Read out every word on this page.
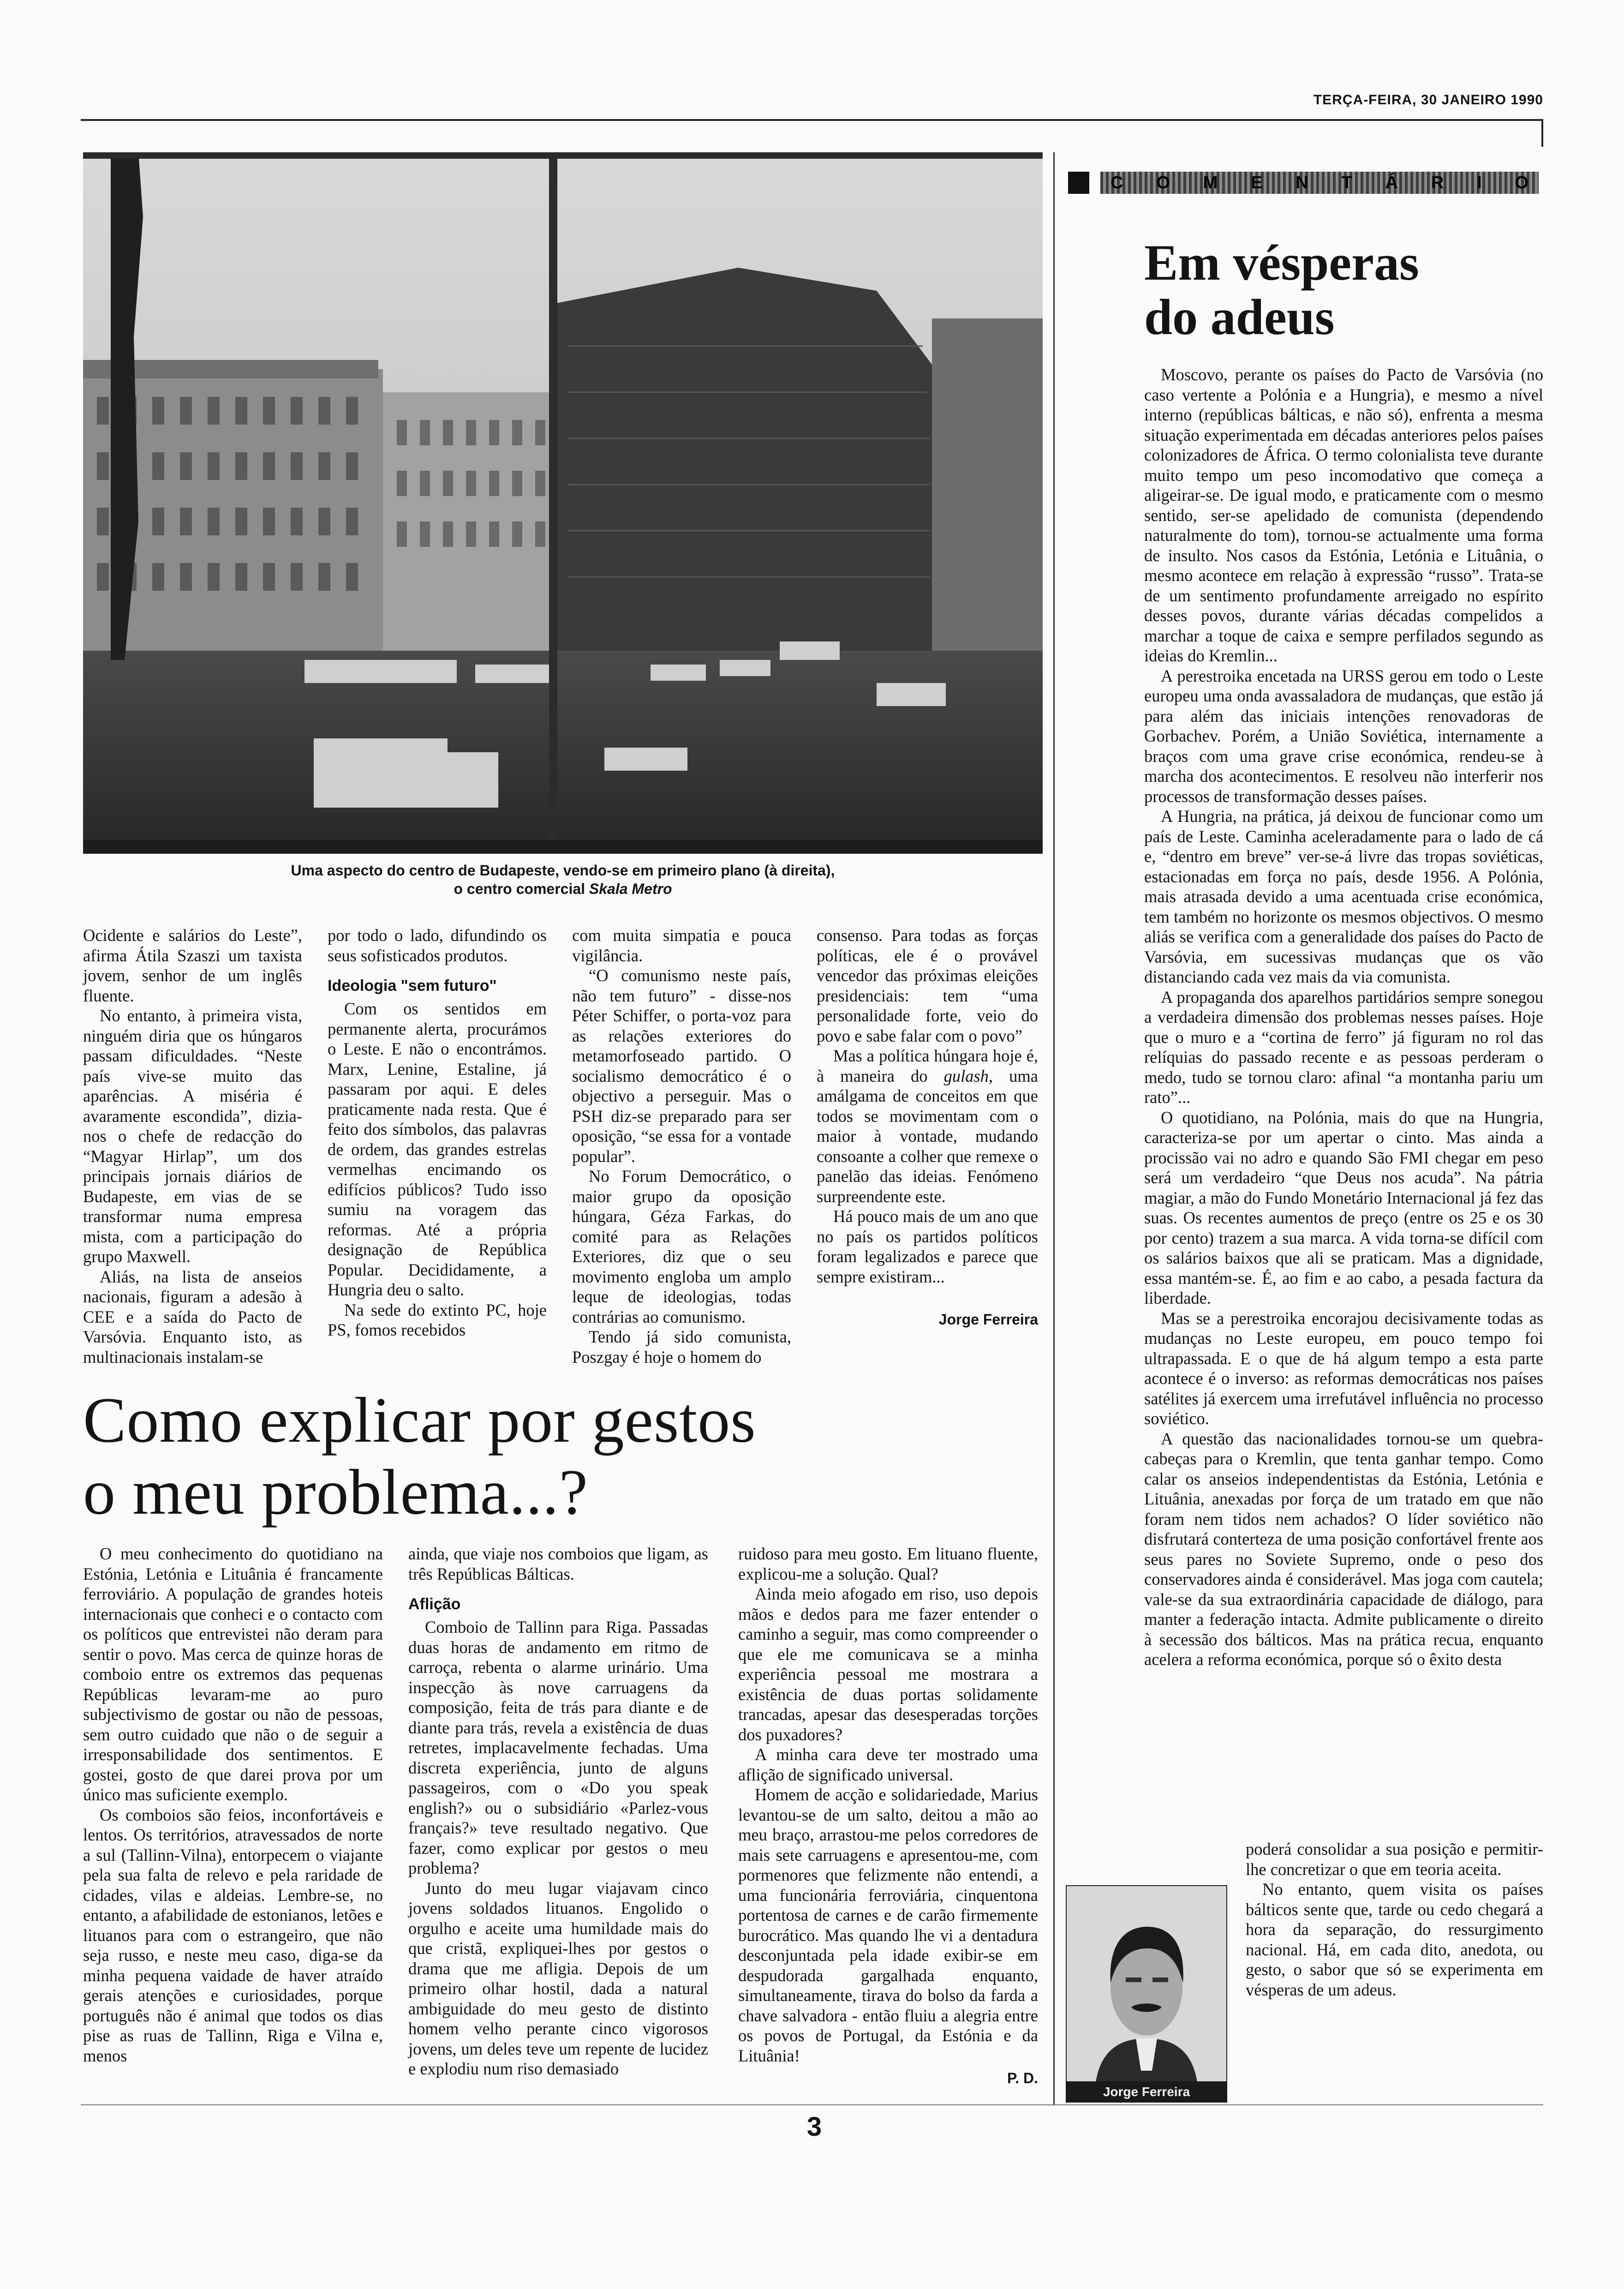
TERÇA-FEIRA, 30 JANEIRO 1990
Uma aspecto do centro de Budapeste, vendo-se em primeiro plano (à direita),
o centro comercial Skala Metro

Ocidente e salários do Leste”, afirma Átila Szaszi um taxista jovem, senhor de um inglês fluente.

No entanto, à primeira vista, ninguém diria que os húngaros passam dificuldades. “Neste país vive-se muito das aparências. A miséria é avaramente escondida”, dizia-nos o chefe de redacção do “Magyar Hirlap”, um dos principais jornais diários de Budapeste, em vias de se transformar numa empresa mista, com a participação do grupo Maxwell.

Aliás, na lista de anseios nacionais, figuram a adesão à CEE e a saída do Pacto de Varsóvia. Enquanto isto, as multinacionais instalam-se

por todo o lado, difundindo os seus sofisticados produtos.

Ideologia "sem futuro"

Com os sentidos em permanente alerta, procurámos o Leste. E não o encontrámos. Marx, Lenine, Estaline, já passaram por aqui. E deles praticamente nada resta. Que é feito dos símbolos, das palavras de ordem, das grandes estrelas vermelhas encimando os edifícios públicos? Tudo isso sumiu na voragem das reformas. Até a própria designação de República Popular. Decididamente, a Hungria deu o salto.

Na sede do extinto PC, hoje PS, fomos recebidos

com muita simpatia e pouca vigilância.

“O comunismo neste país, não tem futuro” - disse-nos Péter Schiffer, o porta-voz para as relações exteriores do metamorfoseado partido. O socialismo democrático é o objectivo a perseguir. Mas o PSH diz-se preparado para ser oposição, “se essa for a vontade popular”.

No Forum Democrático, o maior grupo da oposição húngara, Géza Farkas, do comité para as Relações Exteriores, diz que o seu movimento engloba um amplo leque de ideologias, todas contrárias ao comunismo.

Tendo já sido comunista, Poszgay é hoje o homem do

consenso. Para todas as forças políticas, ele é o provável vencedor das próximas eleições presidenciais: tem “uma personalidade forte, veio do povo e sabe falar com o povo”

Mas a política húngara hoje é, à maneira do gulash, uma amálgama de conceitos em que todos se movimentam com o maior à vontade, mudando consoante a colher que remexe o panelão das ideias. Fenómeno surpreendente este.

Há pouco mais de um ano que no país os partidos políticos foram legalizados e parece que sempre existiram...

Jorge Ferreira
Como explicar por gestos
o meu problema...?

O meu conhecimento do quotidiano na Estónia, Letónia e Lituânia é francamente ferroviário. A população de grandes hoteis internacionais que conheci e o contacto com os políticos que entrevistei não deram para sentir o povo. Mas cerca de quinze horas de comboio entre os extremos das pequenas Repúblicas levaram-me ao puro subjectivismo de gostar ou não de pessoas, sem outro cuidado que não o de seguir a irresponsabilidade dos sentimentos. E gostei, gosto de que darei prova por um único mas suficiente exemplo.

Os comboios são feios, inconfortáveis e lentos. Os territórios, atravessados de norte a sul (Tallinn-Vilna), entorpecem o viajante pela sua falta de relevo e pela raridade de cidades, vilas e aldeias. Lembre-se, no entanto, a afabilidade de estonianos, letões e lituanos para com o estrangeiro, que não seja russo, e neste meu caso, diga-se da minha pequena vaidade de haver atraído gerais atenções e curiosidades, porque português não é animal que todos os dias pise as ruas de Tallinn, Riga e Vilna e, menos

ainda, que viaje nos comboios que ligam, as três Repúblicas Bálticas.

Aflição

Comboio de Tallinn para Riga. Passadas duas horas de andamento em ritmo de carroça, rebenta o alarme urinário. Uma inspecção às nove carruagens da composição, feita de trás para diante e de diante para trás, revela a existência de duas retretes, implacavelmente fechadas. Uma discreta experiência, junto de alguns passageiros, com o «Do you speak english?» ou o subsidiário «Parlez-vous français?» teve resultado negativo. Que fazer, como explicar por gestos o meu problema?

Junto do meu lugar viajavam cinco jovens soldados lituanos. Engolido o orgulho e aceite uma humildade mais do que cristã, expliquei-lhes por gestos o drama que me afligia. Depois de um primeiro olhar hostil, dada a natural ambiguidade do meu gesto de distinto homem velho perante cinco vigorosos jovens, um deles teve um repente de lucidez e explodiu num riso demasiado

ruidoso para meu gosto. Em lituano fluente, explicou-me a solução. Qual?

Ainda meio afogado em riso, uso depois mãos e dedos para me fazer entender o caminho a seguir, mas como compreender o que ele me comunicava se a minha experiência pessoal me mostrara a existência de duas portas solidamente trancadas, apesar das desesperadas torções dos puxadores?

A minha cara deve ter mostrado uma aflição de significado universal.

Homem de acção e solidariedade, Marius levantou-se de um salto, deitou a mão ao meu braço, arrastou-me pelos corredores de mais sete carruagens e apresentou-me, com pormenores que felizmente não entendi, a uma funcionária ferroviária, cinquentona portentosa de carnes e de carão firmemente burocrático. Mas quando lhe vi a dentadura desconjuntada pela idade exibir-se em despudorada gargalhada enquanto, simultaneamente, tirava do bolso da farda a chave salvadora - então fluiu a alegria entre os povos de Portugal, da Estónia e da Lituânia!

P. D.
C O M E N T Á R I O
Em vésperas
do adeus

Moscovo, perante os países do Pacto de Varsóvia (no caso vertente a Polónia e a Hungria), e mesmo a nível interno (repúblicas bálticas, e não só), enfrenta a mesma situação experimentada em décadas anteriores pelos países colonizadores de África. O termo colonialista teve durante muito tempo um peso incomodativo que começa a aligeirar-se. De igual modo, e praticamente com o mesmo sentido, ser-se apelidado de comunista (dependendo naturalmente do tom), tornou-se actualmente uma forma de insulto. Nos casos da Estónia, Letónia e Lituânia, o mesmo acontece em relação à expressão “russo”. Trata-se de um sentimento profundamente arreigado no espírito desses povos, durante várias décadas compelidos a marchar a toque de caixa e sempre perfilados segundo as ideias do Kremlin...

A perestroika encetada na URSS gerou em todo o Leste europeu uma onda avassaladora de mudanças, que estão já para além das iniciais intenções renovadoras de Gorbachev. Porém, a União Soviética, internamente a braços com uma grave crise económica, rendeu-se à marcha dos acontecimentos. E resolveu não interferir nos processos de transformação desses países.

A Hungria, na prática, já deixou de funcionar como um país de Leste. Caminha aceleradamente para o lado de cá e, “dentro em breve” ver-se-á livre das tropas soviéticas, estacionadas em força no país, desde 1956. A Polónia, mais atrasada devido a uma acentuada crise económica, tem também no horizonte os mesmos objectivos. O mesmo aliás se verifica com a generalidade dos países do Pacto de Varsóvia, em sucessivas mudanças que os vão distanciando cada vez mais da via comunista.

A propaganda dos aparelhos partidários sempre sonegou a verdadeira dimensão dos problemas nesses países. Hoje que o muro e a “cortina de ferro” já figuram no rol das relíquias do passado recente e as pessoas perderam o medo, tudo se tornou claro: afinal “a montanha pariu um rato”...

O quotidiano, na Polónia, mais do que na Hungria, caracteriza-se por um apertar o cinto. Mas ainda a procissão vai no adro e quando São FMI chegar em peso será um verdadeiro “que Deus nos acuda”. Na pátria magiar, a mão do Fundo Monetário Internacional já fez das suas. Os recentes aumentos de preço (entre os 25 e os 30 por cento) trazem a sua marca. A vida torna-se difícil com os salários baixos que ali se praticam. Mas a dignidade, essa mantém-se. É, ao fim e ao cabo, a pesada factura da liberdade.

Mas se a perestroika encorajou decisivamente todas as mudanças no Leste europeu, em pouco tempo foi ultrapassada. E o que de há algum tempo a esta parte acontece é o inverso: as reformas democráticas nos países satélites já exercem uma irrefutável influência no processo soviético.

A questão das nacionalidades tornou-se um quebra-cabeças para o Kremlin, que tenta ganhar tempo. Como calar os anseios independentistas da Estónia, Letónia e Lituânia, anexadas por força de um tratado em que não foram nem tidos nem achados? O líder soviético não disfrutará conterteza de uma posição confortável frente aos seus pares no Soviete Supremo, onde o peso dos conservadores ainda é considerável. Mas joga com cautela; vale-se da sua extraordinária capacidade de diálogo, para manter a federação intacta. Admite publicamente o direito à secessão dos bálticos. Mas na prática recua, enquanto acelera a reforma económica, porque só o êxito desta

poderá consolidar a sua posição e permitir-lhe concretizar o que em teoria aceita.

No entanto, quem visita os países bálticos sente que, tarde ou cedo chegará a hora da separação, do ressurgimento nacional. Há, em cada dito, anedota, ou gesto, o sabor que só se experimenta em vésperas de um adeus.

Jorge Ferreira
3
